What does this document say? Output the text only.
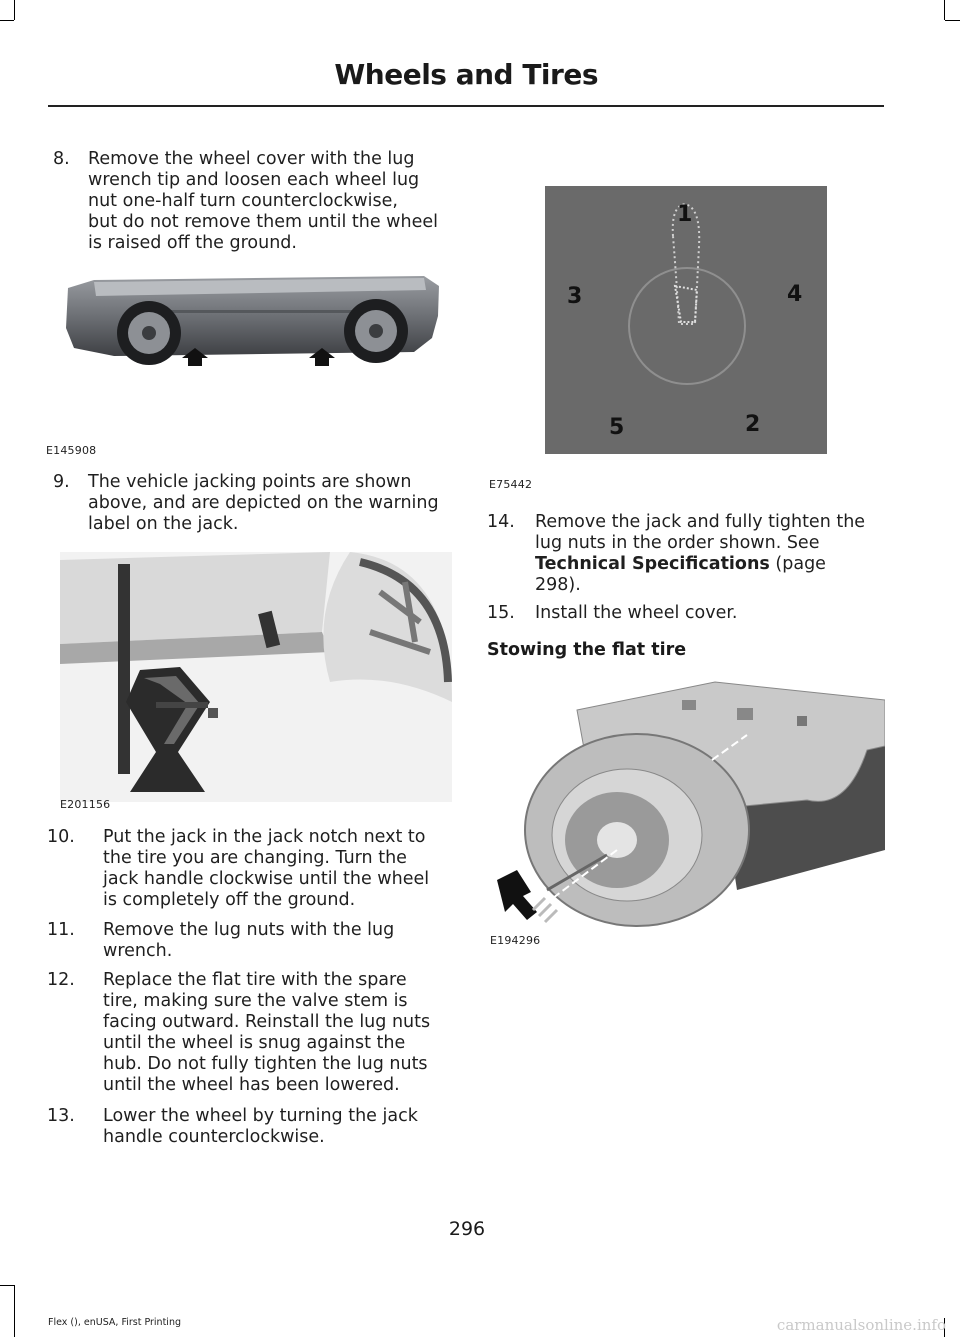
Wheels and Tires
8. Remove the wheel cover with the lug
wrench tip and loosen each wheel lug
nut one-half turn counterclockwise,
but do not remove them until the wheel
is raised off the ground.
E145908
9. The vehicle jacking points are shown
above, and are depicted on the warning
label on the jack.
E201156
10. Put the jack in the jack notch next to
the tire you are changing. Turn the
jack handle clockwise until the wheel
is completely off the ground.
11. Remove the lug nuts with the lug
wrench.
12. Replace the flat tire with the spare
tire, making sure the valve stem is
facing outward. Reinstall the lug nuts
until the wheel is snug against the
hub. Do not fully tighten the lug nuts
until the wheel has been lowered.
13. Lower the wheel by turning the jack
handle counterclockwise.
1
2
3	4
5
E75442
14. Remove the jack and fully tighten the
lug nuts in the order shown. See
Technical Specifications (page
298).
15. Install the wheel cover.
Stowing the flat tire
E194296
296
Flex (), enUSA, First Printing	carmanualsonline.info
